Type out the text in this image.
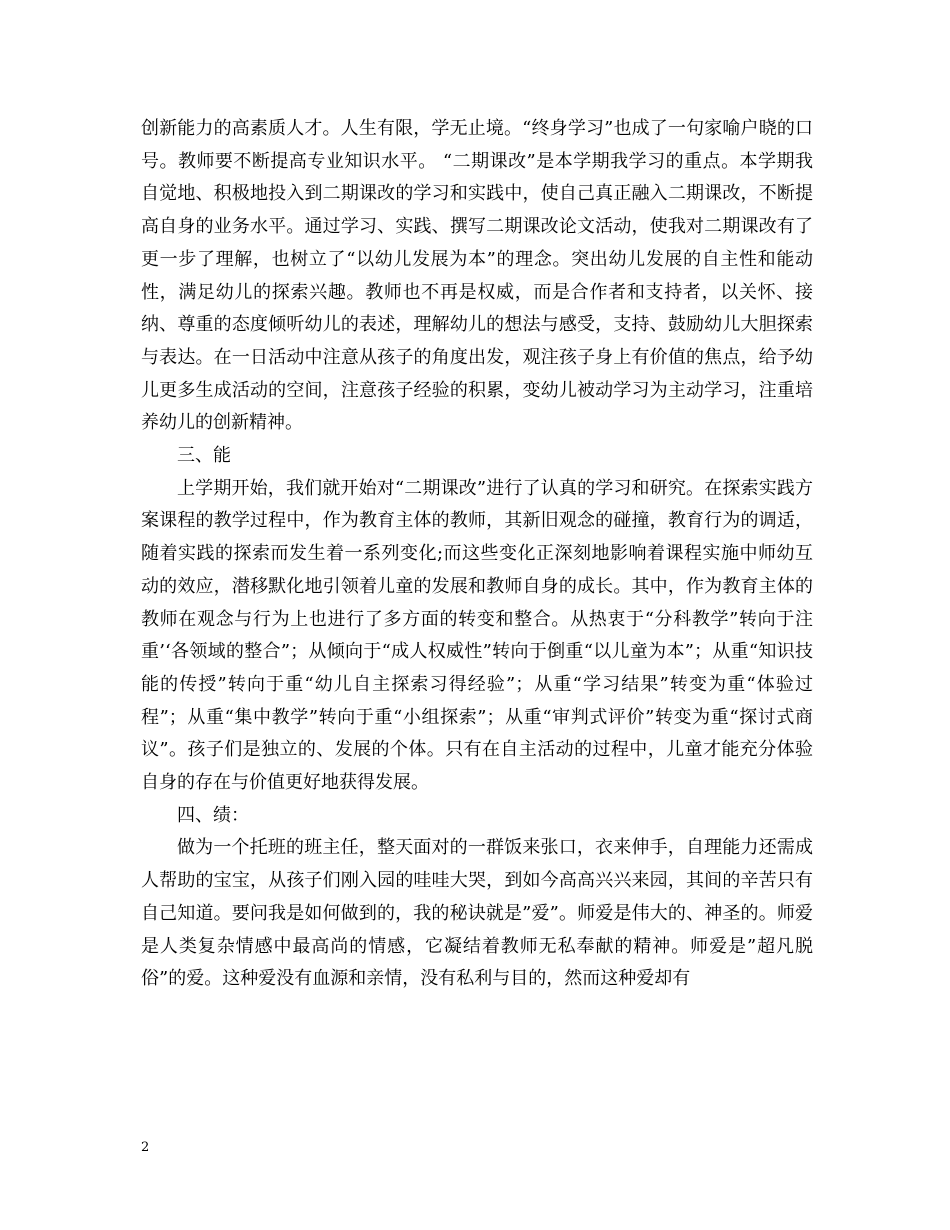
创新能力的高素质人才。人生有限，学无止境。“终身学习”也成了一句家喻户晓的口号。教师要不断提高专业知识水平。 “二期课改”是本学期我学习的重点。本学期我自觉地、积极地投入到二期课改的学习和实践中，使自己真正融入二期课改，不断提高自身的业务水平。通过学习、实践、撰写二期课改论文活动，使我对二期课改有了更一步了理解，也树立了“以幼儿发展为本”的理念。突出幼儿发展的自主性和能动性，满足幼儿的探索兴趣。教师也不再是权威，而是合作者和支持者，以关怀、接纳、尊重的态度倾听幼儿的表述，理解幼儿的想法与感受，支持、鼓励幼儿大胆探索与表达。在一日活动中注意从孩子的角度出发，观注孩子身上有价值的焦点，给予幼儿更多生成活动的空间，注意孩子经验的积累，变幼儿被动学习为主动学习，注重培养幼儿的创新精神。

三、能

上学期开始，我们就开始对“二期课改”进行了认真的学习和研究。在探索实践方案课程的教学过程中，作为教育主体的教师，其新旧观念的碰撞，教育行为的调适，随着实践的探索而发生着一系列变化;而这些变化正深刻地影响着课程实施中师幼互动的效应，潜移默化地引领着儿童的发展和教师自身的成长。其中，作为教育主体的教师在观念与行为上也进行了多方面的转变和整合。从热衷于“分科教学”转向于注重’‘各领域的整合”；从倾向于“成人权威性”转向于倒重“以儿童为本”；从重“知识技能的传授”转向于重“幼儿自主探索习得经验”；从重“学习结果”转变为重“体验过程”；从重“集中教学”转向于重“小组探索”；从重“审判式评价”转变为重“探讨式商议”。孩子们是独立的、发展的个体。只有在自主活动的过程中，儿童才能充分体验自身的存在与价值更好地获得发展。

四、绩：

做为一个托班的班主任，整天面对的一群饭来张口，衣来伸手，自理能力还需成人帮助的宝宝，从孩子们刚入园的哇哇大哭，到如今高高兴兴来园，其间的辛苦只有自己知道。要问我是如何做到的，我的秘诀就是”爱”。师爱是伟大的、神圣的。师爱是人类复杂情感中最高尚的情感，它凝结着教师无私奉献的精神。师爱是”超凡脱俗”的爱。这种爱没有血源和亲情，没有私利与目的，然而这种爱却有

2
